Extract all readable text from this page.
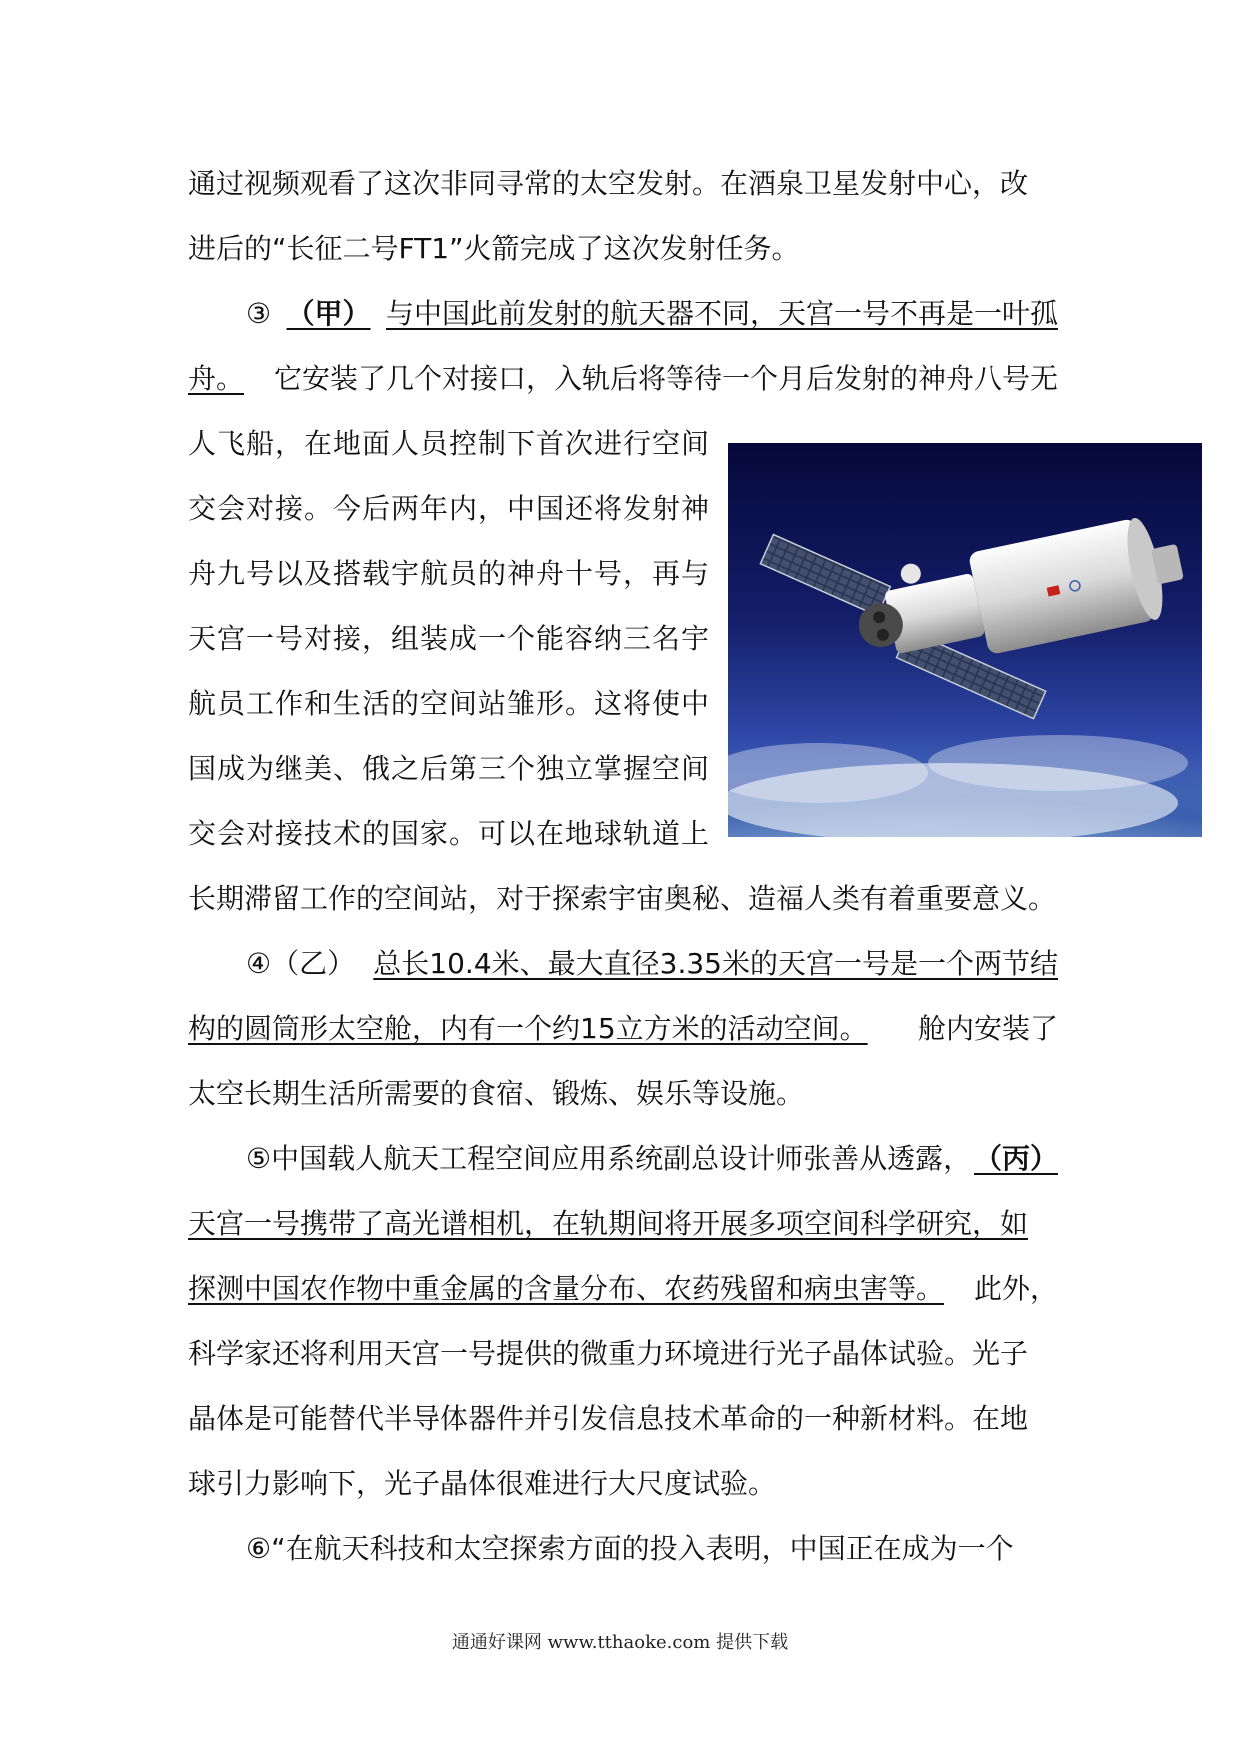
通过视频观看了这次非同寻常的太空发射。在酒泉卫星发射中心，改
进后的“长征二号FT1”火箭完成了这次发射任务。
③ （甲） 与中国此前发射的航天器不同，天宫一号不再是一叶孤
舟。 它安装了几个对接口，入轨后将等待一个月后发射的神舟八号无
人飞船，在地面人员控制下首次进行空间
交会对接。今后两年内，中国还将发射神
舟九号以及搭载宇航员的神舟十号，再与
天宫一号对接，组装成一个能容纳三名宇
航员工作和生活的空间站雏形。这将使中
国成为继美、俄之后第三个独立掌握空间
交会对接技术的国家。可以在地球轨道上
长期滞留工作的空间站，对于探索宇宙奥秘、造福人类有着重要意义。
④（乙） 总长10.4米、最大直径3.35米的天宫一号是一个两节结
构的圆筒形太空舱，内有一个约15立方米的活动空间。 舱内安装了
太空长期生活所需要的食宿、锻炼、娱乐等设施。
⑤中国载人航天工程空间应用系统副总设计师张善从透露， （丙）
天宫一号携带了高光谱相机，在轨期间将开展多项空间科学研究，如
探测中国农作物中重金属的含量分布、农药残留和病虫害等。 此外，
科学家还将利用天宫一号提供的微重力环境进行光子晶体试验。光子
晶体是可能替代半导体器件并引发信息技术革命的一种新材料。在地
球引力影响下，光子晶体很难进行大尺度试验。
⑥“在航天科技和太空探索方面的投入表明，中国正在成为一个
通通好课网 www.tthaoke.com 提供下载
